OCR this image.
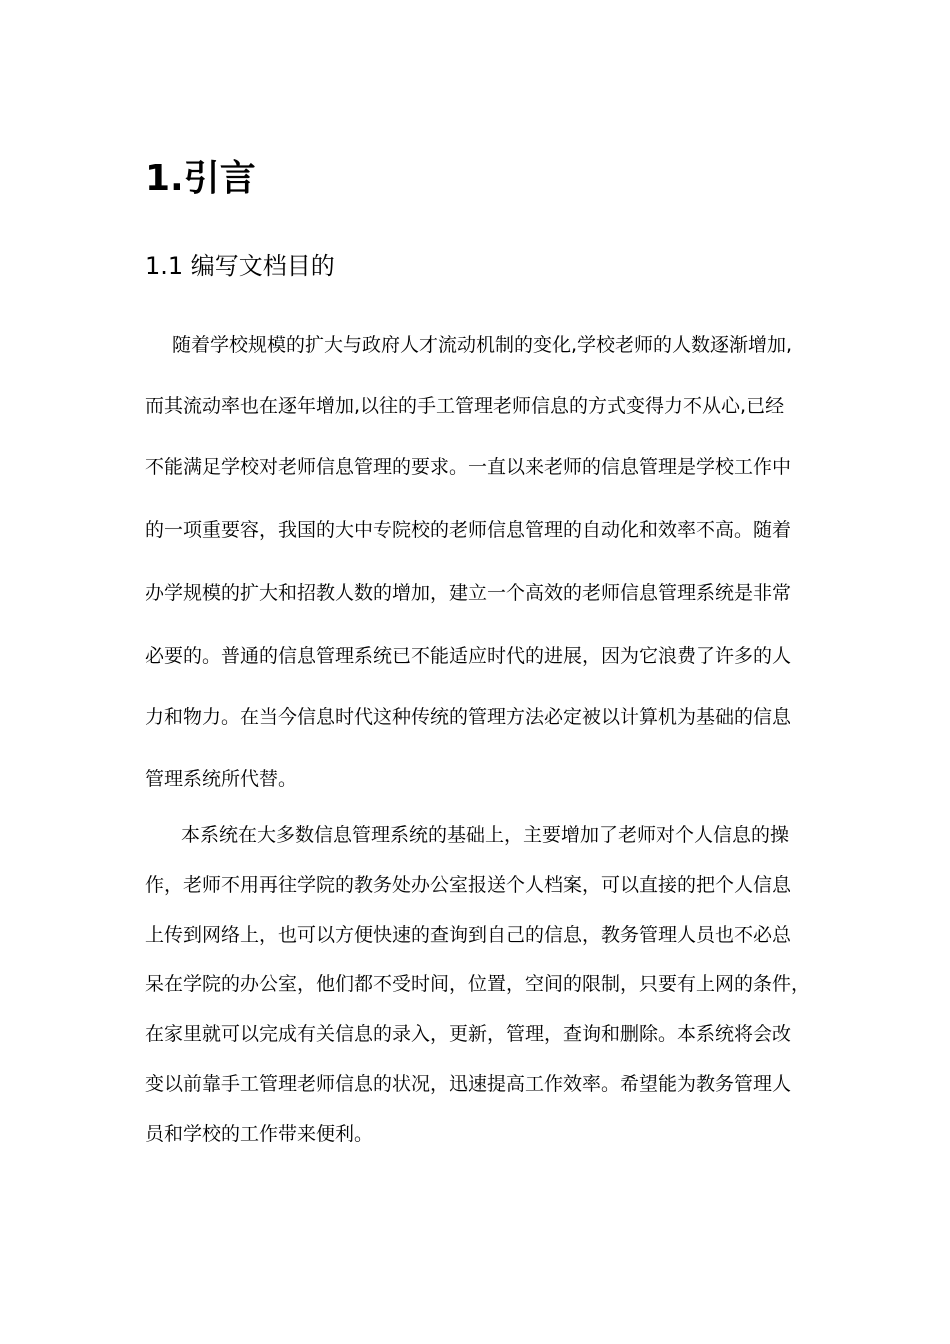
1.引言
1.1 编写文档目的

随着学校规模的扩大与政府人才流动机制的变化,学校老师的人数逐渐增加,

而其流动率也在逐年增加,以往的手工管理老师信息的方式变得力不从心,已经

不能满足学校对老师信息管理的要求。一直以来老师的信息管理是学校工作中

的一项重要容，我国的大中专院校的老师信息管理的自动化和效率不高。随着

办学规模的扩大和招教人数的增加，建立一个高效的老师信息管理系统是非常

必要的。普通的信息管理系统已不能适应时代的进展，因为它浪费了许多的人

力和物力。在当今信息时代这种传统的管理方法必定被以计算机为基础的信息

管理系统所代替。

本系统在大多数信息管理系统的基础上，主要增加了老师对个人信息的操

作，老师不用再往学院的教务处办公室报送个人档案，可以直接的把个人信息

上传到网络上，也可以方便快速的查询到自己的信息，教务管理人员也不必总

呆在学院的办公室，他们都不受时间，位置，空间的限制，只要有上网的条件，

在家里就可以完成有关信息的录入，更新，管理，查询和删除。本系统将会改

变以前靠手工管理老师信息的状况，迅速提高工作效率。希望能为教务管理人

员和学校的工作带来便利。
